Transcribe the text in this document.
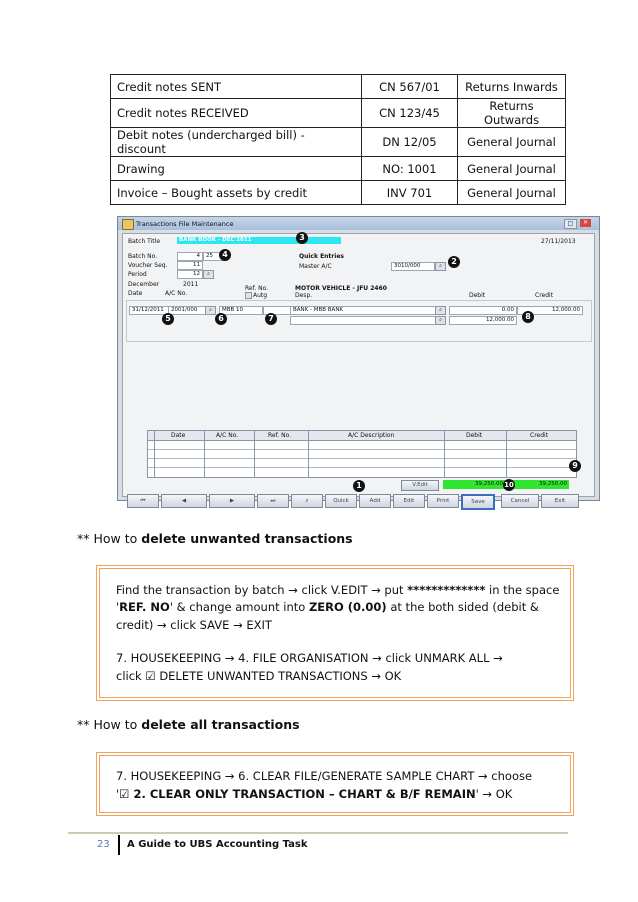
Credit notes SENT	CN 567/01	Returns Inwards
Credit notes RECEIVED	CN 123/45	Returns Outwards
Debit notes (undercharged bill) - discount	DN 12/05	General Journal
Drawing	NO: 1001	General Journal
Invoice – Bought assets by credit	INV 701	General Journal
Transactions File Maintenance	□	✕
Batch Title	BANK BOOK - DEC'2011	27/11/2013
Batch No.	4	25
Voucher Seq.	11
Period	12	⌕
December	2011
Quick Entries
Master A/C	3010/000	⌕
Date	A/C No.
Ref. No.
Autg
MOTOR VEHICLE - JFU 2460
Desp.	Debit	Credit
31/12/2011	2001/000	⌕	MBB 10	BANK - MBB BANK	⌕	0.00	12,000.00
⌕	12,000.00
Date	A/C No.	Ref. No.	A/C Description	Debit	Credit
V.Edit	39,250.00	39,250.00
⏮	◀	▶	⏭	⌕	Quick	Add	Edit	Print	Save	Cancel	Exit
1
2
3
4
5	6	7	8
9
10
** How to delete unwanted transactions
Find the transaction by batch → click V.EDIT → put ************* in the space
'REF. NO' & change amount into ZERO (0.00) at the both sided (debit &
credit) → click SAVE → EXIT
7. HOUSEKEEPING → 4. FILE ORGANISATION → click UNMARK ALL →
click ☑ DELETE UNWANTED TRANSACTIONS → OK
** How to delete all transactions
7. HOUSEKEEPING → 6. CLEAR FILE/GENERATE SAMPLE CHART → choose
'☑ 2. CLEAR ONLY TRANSACTION – CHART & B/F REMAIN' → OK
23 A Guide to UBS Accounting Task
